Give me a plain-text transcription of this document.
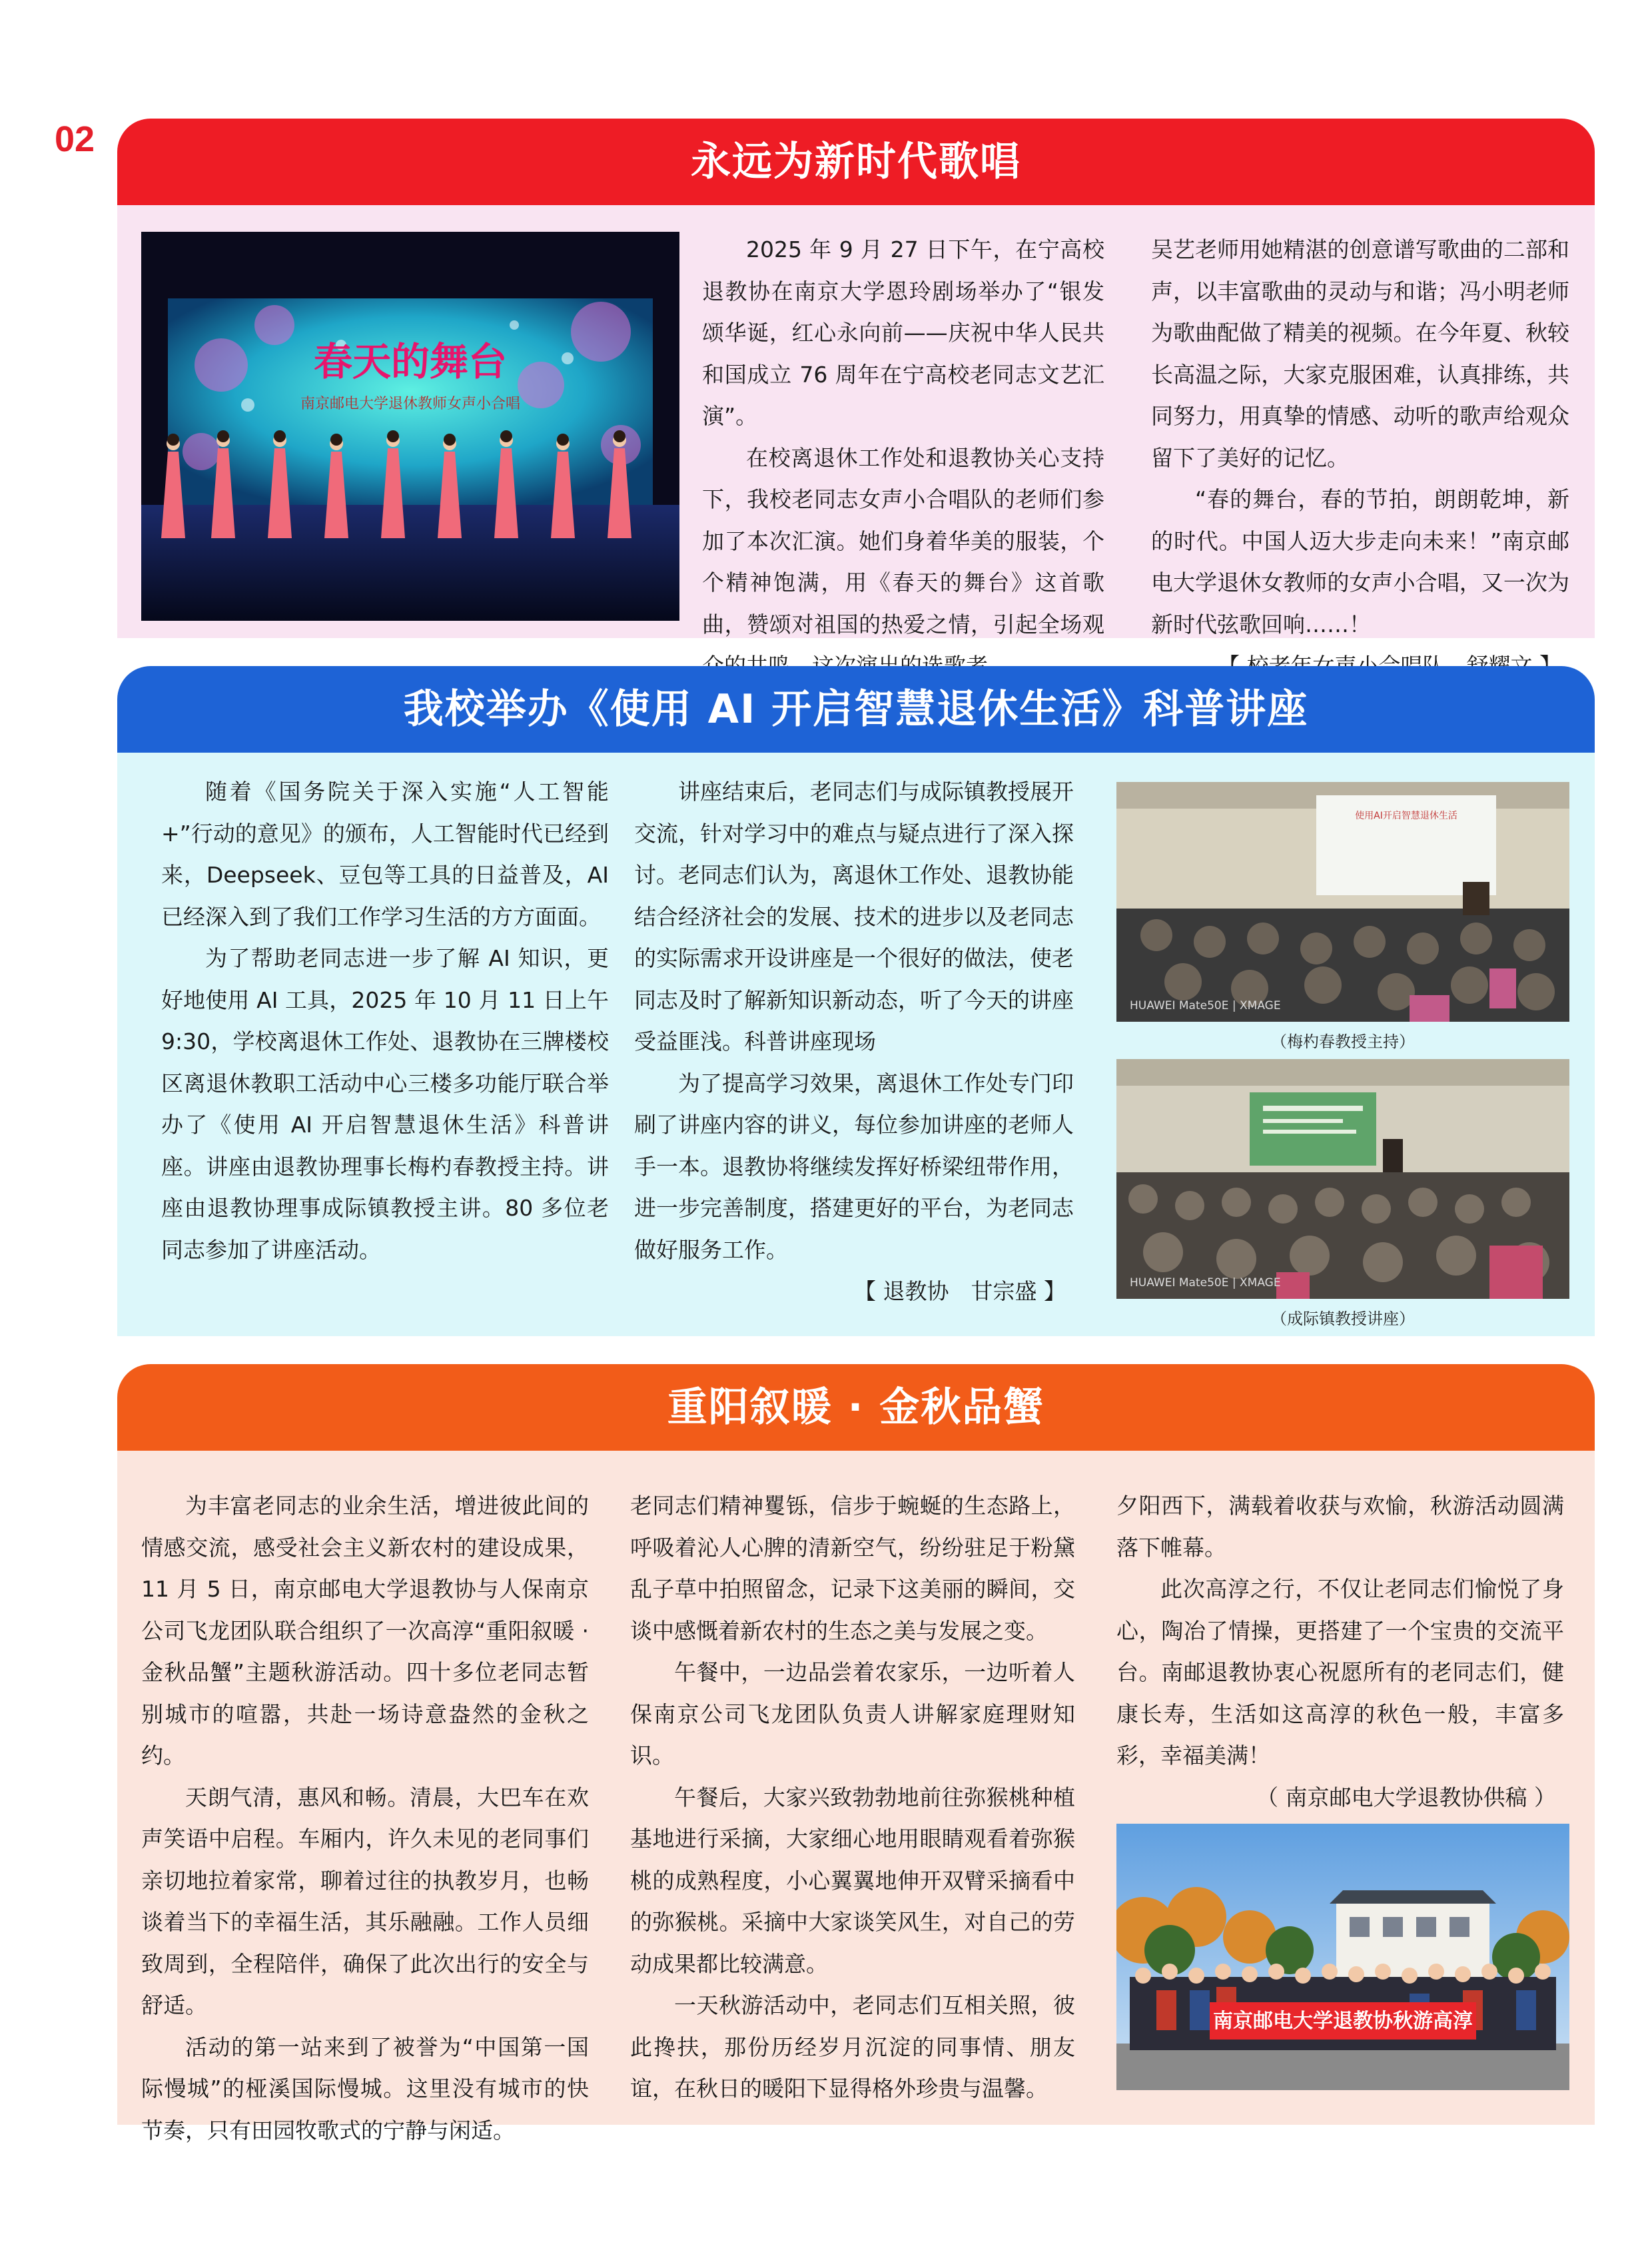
02	永远为新时代歌唱
春天的舞台
南京邮电大学退休教师女声小合唱

2025 年 9 月 27 日下午，在宁高校退教协在南京大学恩玲剧场举办了“银发颂华诞，红心永向前——庆祝中华人民共和国成立 76 周年在宁高校老同志文艺汇演”。

在校离退休工作处和退教协关心支持下，我校老同志女声小合唱队的老师们参加了本次汇演。她们身着华美的服装，个个精神饱满，用《春天的舞台》这首歌曲，赞颂对祖国的热爱之情，引起全场观

吴艺老师用她精湛的创意谱写歌曲的二部和声，以丰富歌曲的灵动与和谐；冯小明老师为歌曲配做了精美的视频。在今年夏、秋较长高温之际，大家克服困难，认真排练，共同努力，用真挚的情感、动听的歌声给观众留下了美好的记忆。

“春的舞台，春的节拍，朗朗乾坤，新的时代。中国人迈大步走向未来！”南京邮电大学退休女教师的女声小合唱，又一次为新时代弦歌回响……！

我校举办《使用 AI 开启智慧退休生活》科普讲座

随着《国务院关于深入实施“人工智能 +”行动的意见》的颁布，人工智能时代已经到来，Deepseek、豆包等工具的日益普及，AI 已经深入到了我们工作学习生活的方方面面。

为了帮助老同志进一步了解 AI 知识，更好地使用 AI 工具，2025 年 10 月 11 日上午 9:30，学校离退休工作处、退教协在三牌楼校区离退休教职工活动中心三楼多功能厅联合举办了《使用 AI 开启智慧退休生活》科普讲座。讲座由退教协理事长梅杓春教授主持。讲座由退教协理事成际镇教授主讲。80 多位老同志参加了讲座活动。

讲座结束后，老同志们与成际镇教授展开交流，针对学习中的难点与疑点进行了深入探讨。老同志们认为，离退休工作处、退教协能结合经济社会的发展、技术的进步以及老同志的实际需求开设讲座是一个很好的做法，使老同志及时了解新知识新动态，听了今天的讲座受益匪浅。科普讲座现场

为了提高学习效果，离退休工作处专门印刷了讲座内容的讲义，每位参加讲座的老师人手一本。退教协将继续发挥好桥梁纽带作用，进一步完善制度，搭建更好的平台，为老同志做好服务工作。

【 退教协　甘宗盛 】

使用AI开启智慧退休生活
HUAWEI Mate50E | XMAGE
（梅杓春教授主持）
HUAWEI Mate50E | XMAGE
（成际镇教授讲座）
重阳叙暖 · 金秋品蟹

为丰富老同志的业余生活，增进彼此间的情感交流，感受社会主义新农村的建设成果，11 月 5 日，南京邮电大学退教协与人保南京公司飞龙团队联合组织了一次高淳“重阳叙暖 · 金秋品蟹”主题秋游活动。四十多位老同志暂别城市的喧嚣，共赴一场诗意盎然的金秋之约。

天朗气清，惠风和畅。清晨，大巴车在欢声笑语中启程。车厢内，许久未见的老同事们亲切地拉着家常，聊着过往的执教岁月，也畅谈着当下的幸福生活，其乐融融。工作人员细致周到，全程陪伴，确保了此次出行的安全与舒适。

活动的第一站来到了被誉为“中国第一国际慢城”的桠溪国际慢城。这里没有城市的快节奏，只有田园牧歌式的宁静与闲适。

老同志们精神矍铄，信步于蜿蜒的生态路上，呼吸着沁人心脾的清新空气，纷纷驻足于粉黛乱子草中拍照留念，记录下这美丽的瞬间，交谈中感慨着新农村的生态之美与发展之变。

午餐中，一边品尝着农家乐，一边听着人保南京公司飞龙团队负责人讲解家庭理财知识。

午餐后，大家兴致勃勃地前往弥猴桃种植基地进行采摘，大家细心地用眼睛观看着弥猴桃的成熟程度，小心翼翼地伸开双臂采摘看中的弥猴桃。采摘中大家谈笑风生，对自己的劳动成果都比较满意。

一天秋游活动中，老同志们互相关照，彼此搀扶，那份历经岁月沉淀的同事情、朋友谊，在秋日的暖阳下显得格外珍贵与温馨。

夕阳西下，满载着收获与欢愉，秋游活动圆满落下帷幕。

此次高淳之行，不仅让老同志们愉悦了身心，陶冶了情操，更搭建了一个宝贵的交流平台。南邮退教协衷心祝愿所有的老同志们，健康长寿，生活如这高淳的秋色一般，丰富多彩，幸福美满！

（ 南京邮电大学退教协供稿 ）

南京邮电大学退教协秋游高淳
